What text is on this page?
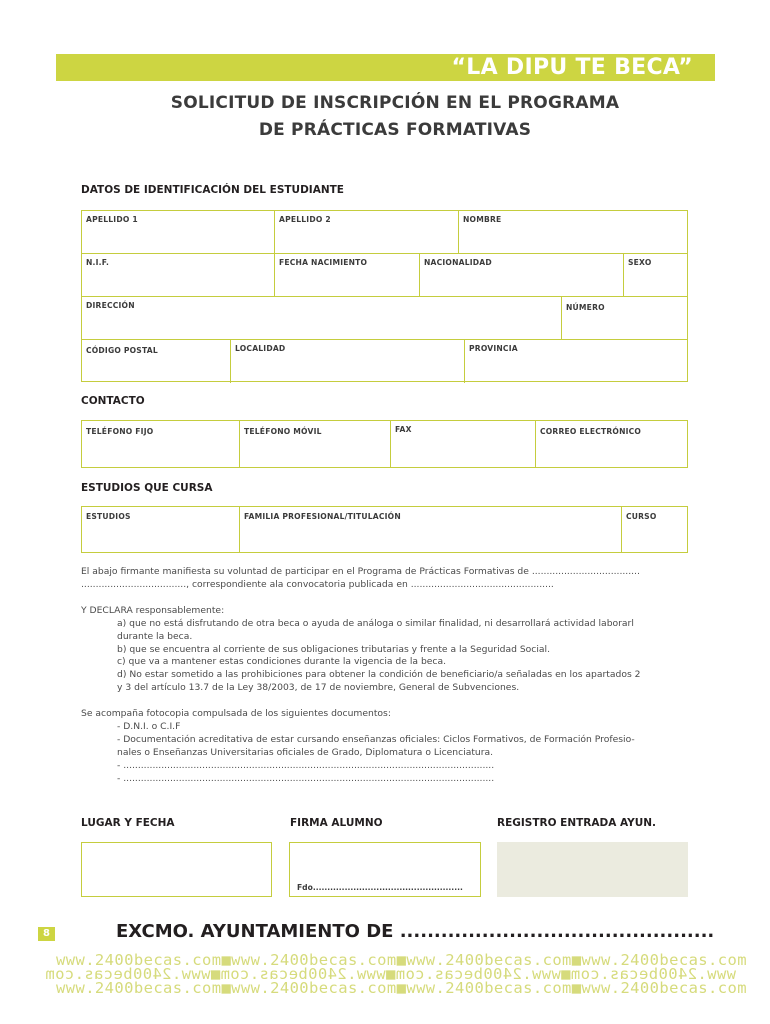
“LA DIPU TE BECA”
SOLICITUD DE INSCRIPCIÓN EN EL PROGRAMA
DE PRÁCTICAS FORMATIVAS
DATOS DE IDENTIFICACIÓN DEL ESTUDIANTE
APELLIDO 1	APELLIDO 2	NOMBRE
N.I.F.	FECHA NACIMIENTO	NACIONALIDAD	SEXO
DIRECCIÓN	NÚMERO
CÓDIGO POSTAL	LOCALIDAD	PROVINCIA
CONTACTO
TELÉFONO FIJO	TELÉFONO MÓVIL	FAX	CORREO ELECTRÓNICO
ESTUDIOS QUE CURSA
ESTUDIOS	FAMILIA PROFESIONAL/TITULACIÓN	CURSO
El abajo firmante manifiesta su voluntad de participar en el Programa de Prácticas Formativas de .....................................
...................................., correspondiente ala convocatoria publicada en .................................................
Y DECLARA responsablemente:
a) que no está disfrutando de otra beca o ayuda de análoga o similar finalidad, ni desarrollará actividad laborarl
durante la beca.
b) que se encuentra al corriente de sus obligaciones tributarias y frente a la Seguridad Social.
c) que va a mantener estas condiciones durante la vigencia de la beca.
d) No estar sometido a las prohibiciones para obtener la condición de beneficiario/a señaladas en los apartados 2
y 3 del artículo 13.7 de la Ley 38/2003, de 17 de noviembre, General de Subvenciones.
Se acompaña fotocopia compulsada de los siguientes documentos:
- D.N.I. o C.I.F
- Documentación acreditativa de estar cursando enseñanzas oficiales: Ciclos Formativos, de Formación Profesio-
nales o Enseñanzas Universitarias oficiales de Grado, Diplomatura o Licenciatura.
- ...............................................................................................................................
- ...............................................................................................................................
LUGAR Y FECHA	FIRMA ALUMNO	REGISTRO ENTRADA AYUN.
Fdo....................................................
8	EXCMO. AYUNTAMIENTO DE ..............................................
www.2400becas.com■www.2400becas.com■www.2400becas.com■www.2400becas.com
www.2400becas.com■www.2400becas.com■www.2400becas.com■www.2400becas.com
www.2400becas.com■www.2400becas.com■www.2400becas.com■www.2400becas.com
